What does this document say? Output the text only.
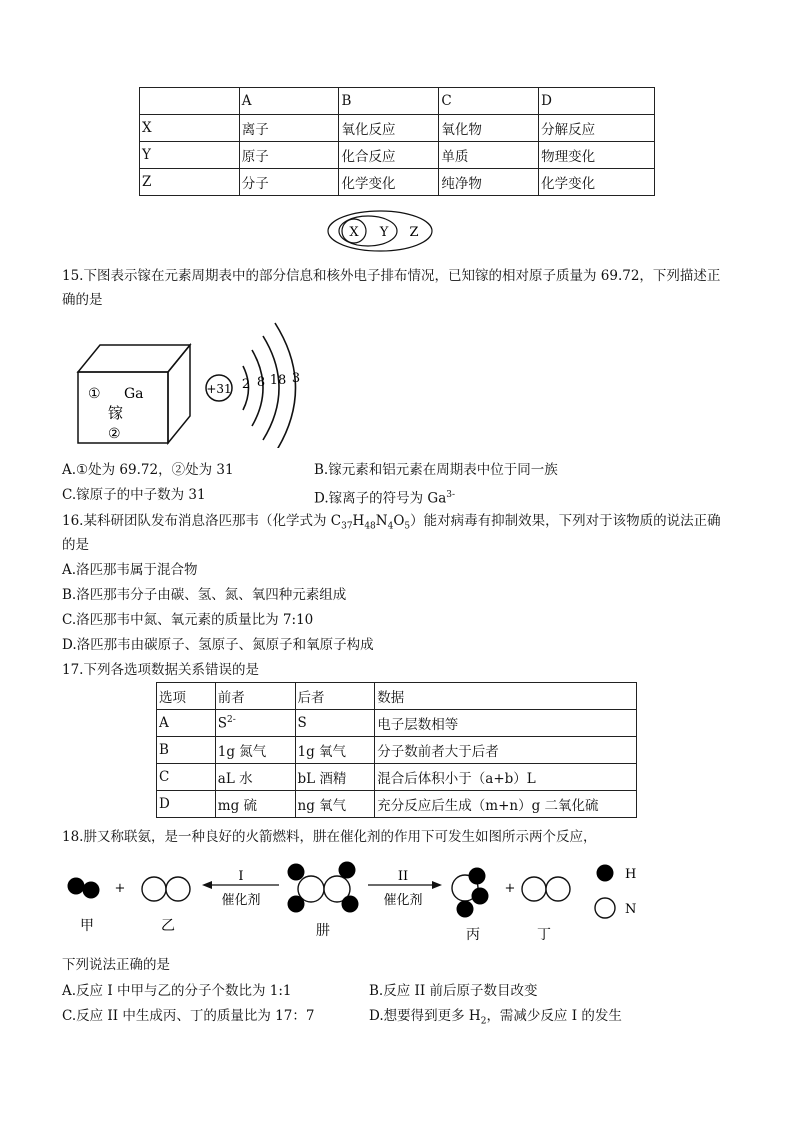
	A	B	C	D
X	离子	氧化反应	氧化物	分解反应
Y	原子	化合反应	单质	物理变化
Z	分子	化学变化	纯净物	化学变化
X Y Z
15.下图表示镓在元素周期表中的部分信息和核外电子排布情况，已知镓的相对原子质量为 69.72，下列描述正
确的是
① Ga
镓
②
+31 2 8 18 3
A.①处为 69.72，②处为 31	B.镓元素和铝元素在周期表中位于同一族
C.镓原子的中子数为 31	D.镓离子的符号为 $Ga^{3-}$
16.某科研团队发布消息洛匹那韦（化学式为 $C_{37}H_{48}N_4O_5$）能对病毒有抑制效果，下列对于该物质的说法正确
的是
A.洛匹那韦属于混合物
B.洛匹那韦分子由碳、氢、氮、氧四种元素组成
C.洛匹那韦中氮、氧元素的质量比为 7:10
D.洛匹那韦由碳原子、氢原子、氮原子和氧原子构成
17.下列各选项数据关系错误的是
选项	前者	后者	数据
A	$S^{2-}$	S	电子层数相等
B	1g 氮气	1g 氧气	分子数前者大于后者
C	aL 水	bL 酒精	混合后体积小于（a+b）L
D	mg 硫	ng 氧气	充分反应后生成（m+n）g 二氧化硫
18.肼又称联氨，是一种良好的火箭燃料，肼在催化剂的作用下可发生如图所示两个反应，
+
I
催化剂
II
催化剂
+
H
N
甲	乙	肼	丙	丁
下列说法正确的是
A.反应 I 中甲与乙的分子个数比为 1:1	B.反应 II 前后原子数目改变
C.反应 II 中生成丙、丁的质量比为 17：7	D.想要得到更多 $H_2$，需减少反应 I 的发生
